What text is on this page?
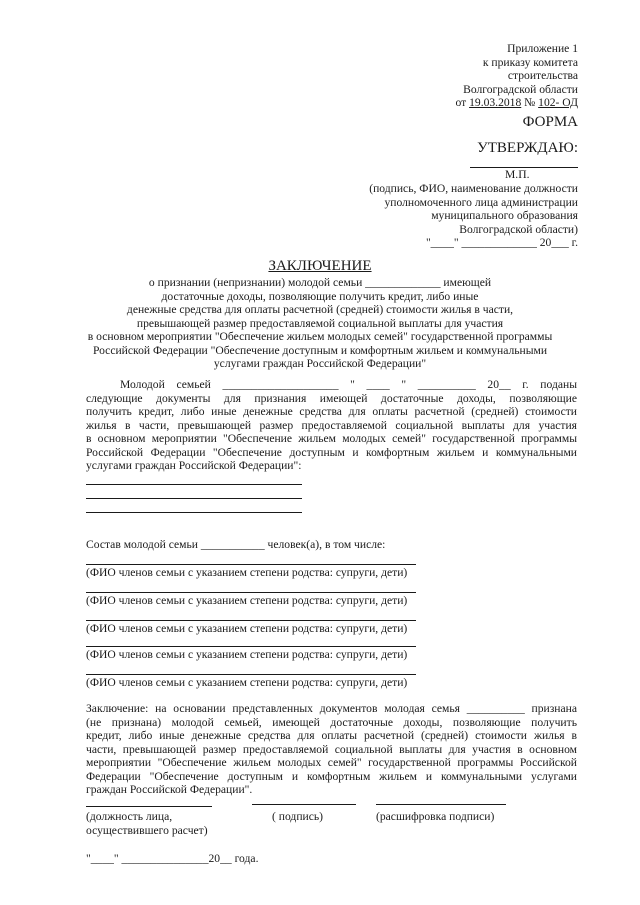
Приложение 1
к приказу комитета
строительства
Волгоградской области
от 19.03.2018 № 102- ОД
ФОРМА
УТВЕРЖДАЮ:
М.П.
(подпись, ФИО, наименование должности
уполномоченного лица администрации
муниципального образования
Волгоградской области)
"____" _____________ 20___ г.
ЗАКЛЮЧЕНИЕ
о признании (непризнании) молодой семьи _____________ имеющей
достаточные доходы, позволяющие получить кредит, либо иные
денежные средства для оплаты расчетной (средней) стоимости жилья в части,
превышающей размер предоставляемой социальной выплаты для участия
в основном мероприятии "Обеспечение жильем молодых семей" государственной программы
Российской Федерации "Обеспечение доступным и комфортным жильем и коммунальными
услугами граждан Российской Федерации"
Молодой семьей ____________________ " ____ " __________ 20__ г. поданы
следующие документы для признания имеющей достаточные доходы, позволяющие
получить кредит, либо иные денежные средства для оплаты расчетной (средней) стоимости
жилья в части, превышающей размер предоставляемой социальной выплаты для участия
в основном мероприятии "Обеспечение жильем молодых семей" государственной программы
Российской Федерации "Обеспечение доступным и комфортным жильем и коммунальными
услугами граждан Российской Федерации":
Состав молодой семьи ___________ человек(а), в том числе:
(ФИО членов семьи с указанием степени родства: супруги, дети)
(ФИО членов семьи с указанием степени родства: супруги, дети)
(ФИО членов семьи с указанием степени родства: супруги, дети)
(ФИО членов семьи с указанием степени родства: супруги, дети)
(ФИО членов семьи с указанием степени родства: супруги, дети)
Заключение: на основании представленных документов молодая семья __________ признана
(не признана) молодой семьей, имеющей достаточные доходы, позволяющие получить
кредит, либо иные денежные средства для оплаты расчетной (средней) стоимости жилья в
части, превышающей размер предоставляемой социальной выплаты для участия в основном
мероприятии "Обеспечение жильем молодых семей" государственной программы Российской
Федерации "Обеспечение доступным и комфортным жильем и коммунальными услугами
граждан Российской Федерации".
(должность лица,
осуществившего расчет)
( подпись)	(расшифровка подписи)
"____" _______________20__ года.
